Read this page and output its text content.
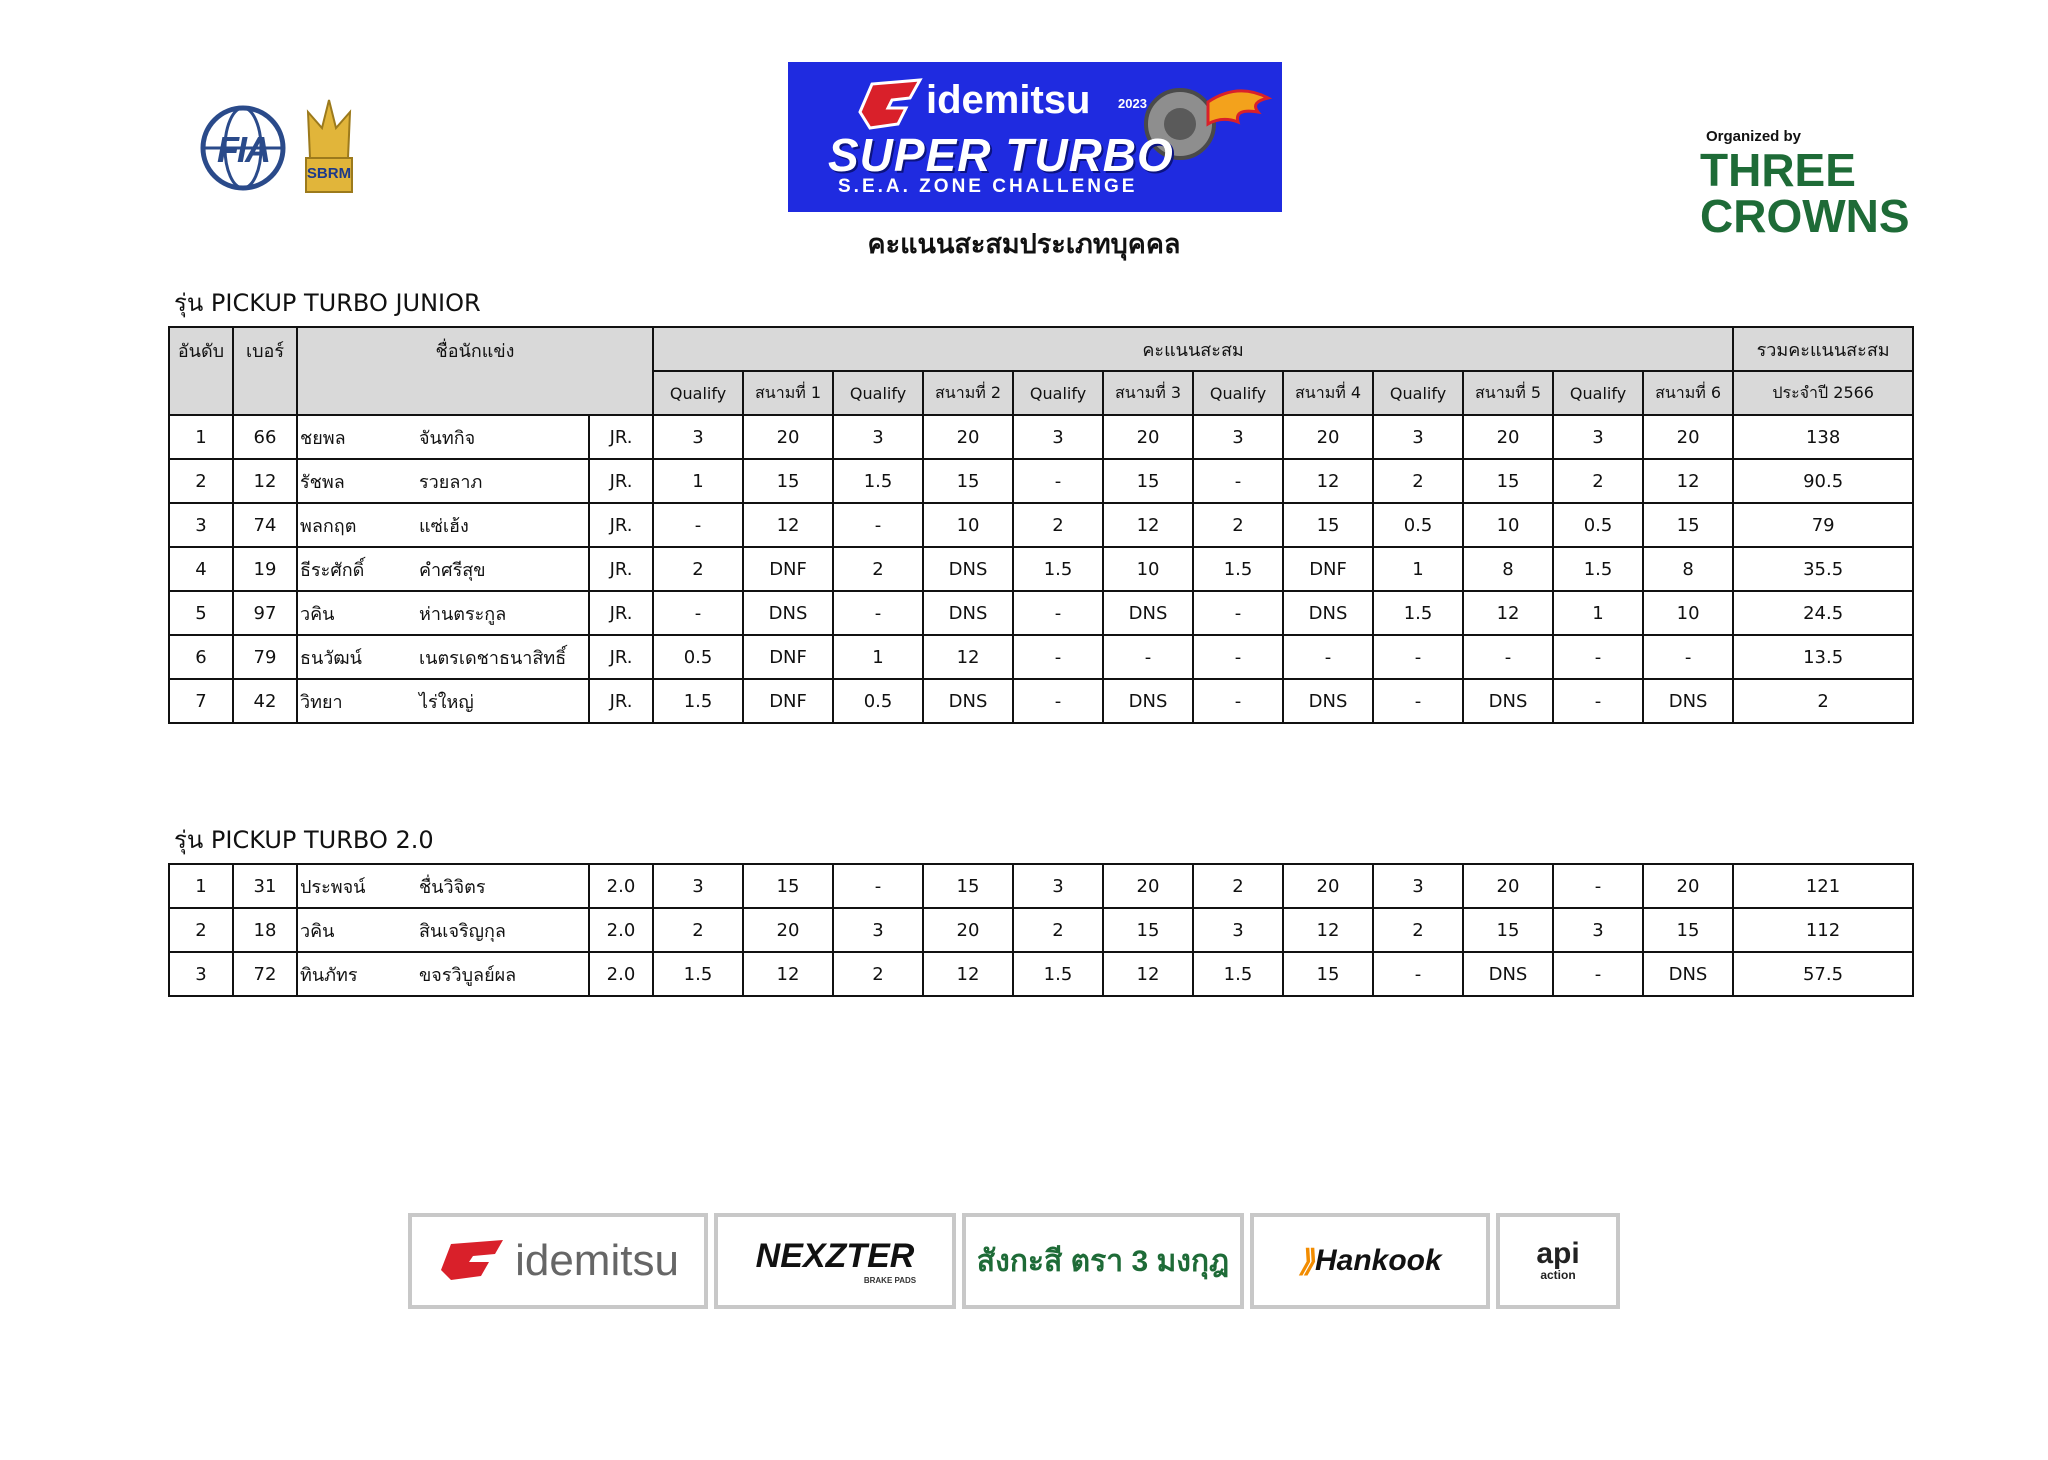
FIA
SBRM
idemitsu 2023
SUPER TURBO
S.E.A. ZONE CHALLENGE
Organized by
THREE
CROWNS
คะแนนสะสมประเภทบุคคล
รุ่น PICKUP TURBO JUNIOR
อันดับ	เบอร์	ชื่อนักแข่ง			คะแนนสะสม												รวมคะแนนสะสม
					Qualify	สนามที่ 1	Qualify	สนามที่ 2	Qualify	สนามที่ 3	Qualify	สนามที่ 4	Qualify	สนามที่ 5	Qualify	สนามที่ 6	ประจำปี 2566
1	66	ชยพล	จันทกิจ	JR.	3	20	3	20	3	20	3	20	3	20	3	20	138
2	12	รัชพล	รวยลาภ	JR.	1	15	1.5	15	-	15	-	12	2	15	2	12	90.5
3	74	พลกฤต	แซ่เฮ้ง	JR.	-	12	-	10	2	12	2	15	0.5	10	0.5	15	79
4	19	ธีระศักดิ์	คำศรีสุข	JR.	2	DNF	2	DNS	1.5	10	1.5	DNF	1	8	1.5	8	35.5
5	97	วคิน	ห่านตระกูล	JR.	-	DNS	-	DNS	-	DNS	-	DNS	1.5	12	1	10	24.5
6	79	ธนวัฒน์	เนตรเดชาธนาสิทธิ์	JR.	0.5	DNF	1	12	-	-	-	-	-	-	-	-	13.5
7	42	วิทยา	ไร่ใหญ่	JR.	1.5	DNF	0.5	DNS	-	DNS	-	DNS	-	DNS	-	DNS	2
รุ่น PICKUP TURBO 2.0
1	31	ประพจน์	ชื่นวิจิตร	2.0	3	15	-	15	3	20	2	20	3	20	-	20	121
2	18	วคิน	สินเจริญกุล	2.0	2	20	3	20	2	15	3	12	2	15	3	15	112
3	72	ทินภัทร	ขจรวิบูลย์ผล	2.0	1.5	12	2	12	1.5	12	1.5	15	-	DNS	-	DNS	57.5
idemitsu NEXZTER
BRAKE PADS
สังกะสี ตรา 3 มงกุฎ ⟫ Hankook	api
action
